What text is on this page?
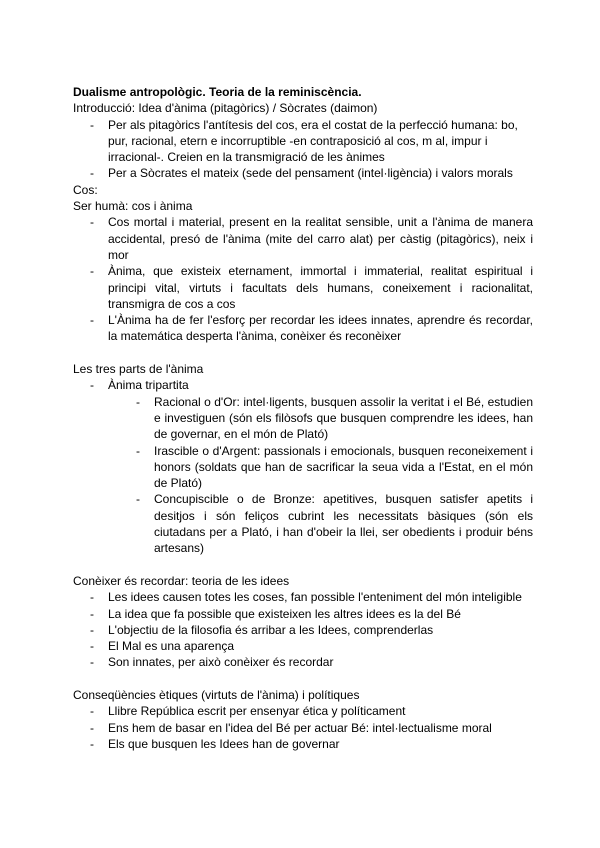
Dualisme antropològic. Teoria de la reminiscència.
Introducció: Idea d'ànima (pitagòrics) / Sòcrates (daimon)
- Per als pitagòrics l'antítesis del cos, era el costat de la perfecció humana: bo, pur, racional, etern e incorruptible -en contraposició al cos, m al, impur i irracional-. Creien en la transmigració de les ànimes
- Per a Sòcrates el mateix (sede del pensament (intel·ligència) i valors morals
Cos:
Ser humà: cos i ànima
- Cos mortal i material, present en la realitat sensible, unit a l'ànima de manera accidental, presó de l'ànima (mite del carro alat) per càstig (pitagòrics), neix i mor
- Ànima, que existeix eternament, immortal i immaterial, realitat espiritual i principi vital, virtuts i facultats dels humans, coneixement i racionalitat, transmigra de cos a cos
- L'Ànima ha de fer l'esforç per recordar les idees innates, aprendre és recordar, la matemática desperta l'ànima, conèixer és reconèixer
Les tres parts de l'ànima
- Ànima tripartita
- Racional o d'Or: intel·ligents, busquen assolir la veritat i el Bé, estudien e investiguen (són els filòsofs que busquen comprendre les idees, han de governar, en el món de Plató)
- Irascible o d'Argent: passionals i emocionals, busquen reconeixement i honors (soldats que han de sacrificar la seua vida a l'Estat, en el món de Plató)
- Concupiscible o de Bronze: apetitives, busquen satisfer apetits i desitjos i són feliços cubrint les necessitats bàsiques (són els ciutadans per a Plató, i han d'obeir la llei, ser obedients i produir béns artesans)
Conèixer és recordar: teoria de les idees
- Les idees causen totes les coses, fan possible l'enteniment del món inteligible
- La idea que fa possible que existeixen les altres idees es la del Bé
- L'objectiu de la filosofia és arribar a les Idees, comprenderlas
- El Mal es una aparença
- Son innates, per això conèixer és recordar
Conseqüències ètiques (virtuts de l'ànima) i polítiques
- Llibre República escrit per ensenyar ética y políticament
- Ens hem de basar en l'idea del Bé per actuar Bé: intel·lectualisme moral
- Els que busquen les Idees han de governar
